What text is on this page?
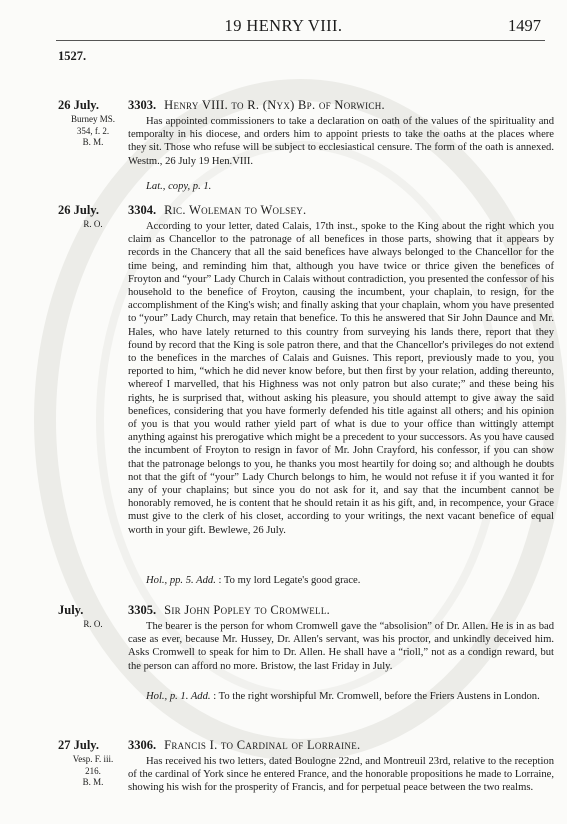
19 HENRY VIII.	1497
1527.
26 July.
Burney MS.
354, f. 2.
B. M.
3303. Henry VIII. to R. (Nyx) Bp. of Norwich.

Has appointed commissioners to take a declaration on oath of the values of the spirituality and temporalty in his diocese, and orders him to appoint priests to take the oaths at the places where they sit. Those who refuse will be subject to ecclesiastical censure. The form of the oath is annexed. Westm., 26 July 19 Hen.VIII.

Lat., copy, p. 1.
26 July.
R. O.
3304. Ric. Woleman to Wolsey.

According to your letter, dated Calais, 17th inst., spoke to the King about the right which you claim as Chancellor to the patronage of all benefices in those parts, showing that it appears by records in the Chancery that all the said benefices have always belonged to the Chancellor for the time being, and reminding him that, although you have twice or thrice given the benefices of Froyton and “your” Lady Church in Calais without contradiction, you presented the confessor of his household to the benefice of Froyton, causing the incumbent, your chaplain, to resign, for the accomplishment of the King's wish; and finally asking that your chaplain, whom you have presented to “your” Lady Church, may retain that benefice. To this he answered that Sir John Daunce and Mr. Hales, who have lately returned to this country from surveying his lands there, report that they found by record that the King is sole patron there, and that the Chancellor's privileges do not extend to the benefices in the marches of Calais and Guisnes. This report, previously made to you, you reported to him, “which he did never know before, but then first by your relation, adding thereunto, whereof I marvelled, that his Highness was not only patron but also curate;” and these being his rights, he is surprised that, without asking his pleasure, you should attempt to give away the said benefices, considering that you have formerly defended his title against all others; and his opinion of you is that you would rather yield part of what is due to your office than wittingly attempt anything against his prerogative which might be a precedent to your successors. As you have caused the incumbent of Froyton to resign in favor of Mr. John Crayford, his confessor, if you can show that the patronage belongs to you, he thanks you most heartily for doing so; and although he doubts not that the gift of “your” Lady Church belongs to him, he would not refuse it if you wanted it for any of your chaplains; but since you do not ask for it, and say that the incumbent cannot be honorably removed, he is content that he should retain it as his gift, and, in recompence, your Grace must give to the clerk of his closet, according to your writings, the next vacant benefice of equal worth in your gift. Bewlewe, 26 July.

Hol., pp. 5. Add. : To my lord Legate's good grace.
July.
R. O.
3305. Sir John Popley to Cromwell.

The bearer is the person for whom Cromwell gave the “absolision” of Dr. Allen. He is in as bad case as ever, because Mr. Hussey, Dr. Allen's servant, was his proctor, and unkindly deceived him. Asks Cromwell to speak for him to Dr. Allen. He shall have a “rioll,” not as a condign reward, but the person can afford no more. Bristow, the last Friday in July.

Hol., p. 1. Add. : To the right worshipful Mr. Cromwell, before the Friers Austens in London.
27 July.
Vesp. F. iii.
216.
B. M.
3306. Francis I. to Cardinal of Lorraine.

Has received his two letters, dated Boulogne 22nd, and Montreuil 23rd, relative to the reception of the cardinal of York since he entered France, and the honorable propositions he made to Lorraine, showing his wish for the prosperity of Francis, and for perpetual peace between the two realms.
